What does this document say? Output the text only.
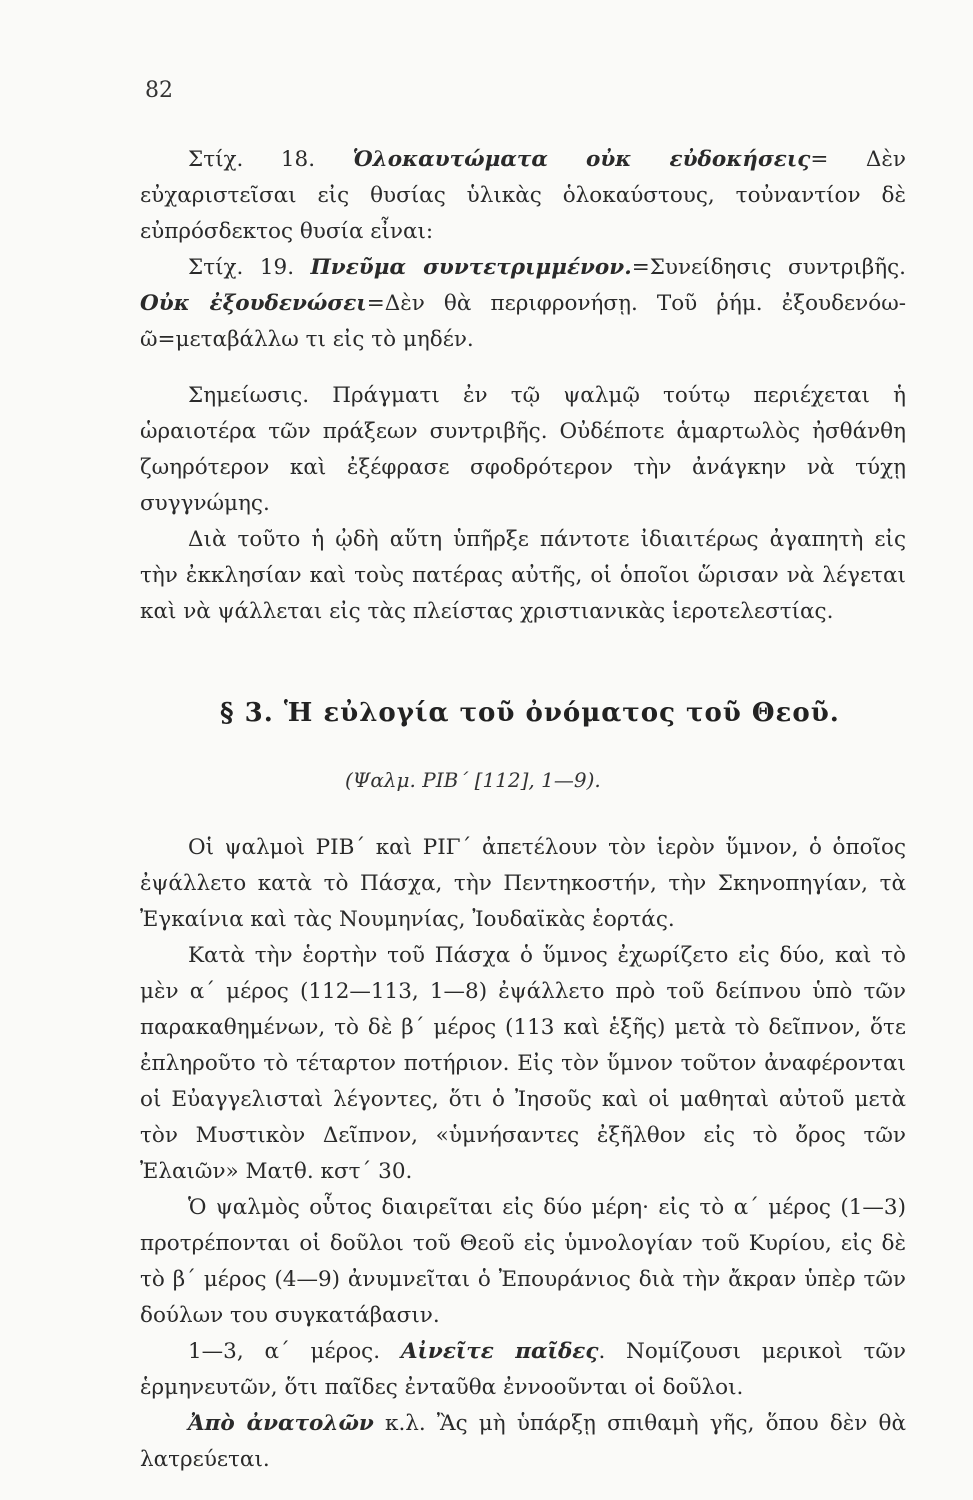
82

Στίχ. 18. Ὁλοκαυτώματα οὐκ εὐδοκήσεις= Δὲν εὐχαριστεῖσαι εἰς θυσίας ὑλικὰς ὁλοκαύστους, τοὐναντίον δὲ εὐπρόσδεκτος θυσία εἶναι:

Στίχ. 19. Πνεῦμα συντετριμμένον.=Συνείδησις συντριβῆς. Οὐκ ἐξουδενώσει=Δὲν θὰ περιφρονήσῃ. Τοῦ ῥήμ. ἐξουδενόω-ῶ=μεταβάλλω τι εἰς τὸ μηδέν.

Σημείωσις. Πράγματι ἐν τῷ ψαλμῷ τούτῳ περιέχεται ἡ ὡραιοτέρα τῶν πράξεων συντριβῆς. Οὐδέποτε ἁμαρτωλὸς ἠσθάνθη ζωηρότερον καὶ ἐξέφρασε σφοδρότερον τὴν ἀνάγκην νὰ τύχῃ συγγνώμης.

Διὰ τοῦτο ἡ ᾠδὴ αὕτη ὑπῆρξε πάντοτε ἰδιαιτέρως ἀγαπητὴ εἰς τὴν ἐκκλησίαν καὶ τοὺς πατέρας αὐτῆς, οἱ ὁποῖοι ὥρισαν νὰ λέγεται καὶ νὰ ψάλλεται εἰς τὰς πλείστας χριστιανικὰς ἱεροτελεστίας.

§ 3. Ἡ εὐλογία τοῦ ὀνόματος τοῦ Θεοῦ.
(Ψαλμ. ΡΙΒ΄ [112], 1—9).

Οἱ ψαλμοὶ ΡΙΒ΄ καὶ ΡΙΓ΄ ἀπετέλουν τὸν ἱερὸν ὕμνον, ὁ ὁποῖος ἐψάλλετο κατὰ τὸ Πάσχα, τὴν Πεντηκοστήν, τὴν Σκηνοπηγίαν, τὰ Ἐγκαίνια καὶ τὰς Νουμηνίας, Ἰουδαϊκὰς ἑορτάς.

Κατὰ τὴν ἑορτὴν τοῦ Πάσχα ὁ ὕμνος ἐχωρίζετο εἰς δύο, καὶ τὸ μὲν α΄ μέρος (112—113, 1—8) ἐψάλλετο πρὸ τοῦ δείπνου ὑπὸ τῶν παρακαθημένων, τὸ δὲ β΄ μέρος (113 καὶ ἑξῆς) μετὰ τὸ δεῖπνον, ὅτε ἐπληροῦτο τὸ τέταρτον ποτήριον. Εἰς τὸν ὕμνον τοῦτον ἀναφέρονται οἱ Εὐαγγελισταὶ λέγοντες, ὅτι ὁ Ἰησοῦς καὶ οἱ μαθηταὶ αὐτοῦ μετὰ τὸν Μυστικὸν Δεῖπνον, «ὑμνήσαντες ἐξῆλθον εἰς τὸ ὄρος τῶν Ἐλαιῶν» Ματθ. κστ΄ 30.

Ὁ ψαλμὸς οὗτος διαιρεῖται εἰς δύο μέρη· εἰς τὸ α΄ μέρος (1—3) προτρέπονται οἱ δοῦλοι τοῦ Θεοῦ εἰς ὑμνολογίαν τοῦ Κυρίου, εἰς δὲ τὸ β΄ μέρος (4—9) ἀνυμνεῖται ὁ Ἐπουράνιος διὰ τὴν ἄκραν ὑπὲρ τῶν δούλων του συγκατάβασιν.

1—3, α΄ μέρος. Αἰνεῖτε παῖδες. Νομίζουσι μερικοὶ τῶν ἑρμηνευτῶν, ὅτι παῖδες ἐνταῦθα ἐννοοῦνται οἱ δοῦλοι.

Ἀπὸ ἀνατολῶν κ.λ. Ἂς μὴ ὑπάρξῃ σπιθαμὴ γῆς, ὅπου δὲν θὰ λατρεύεται.
